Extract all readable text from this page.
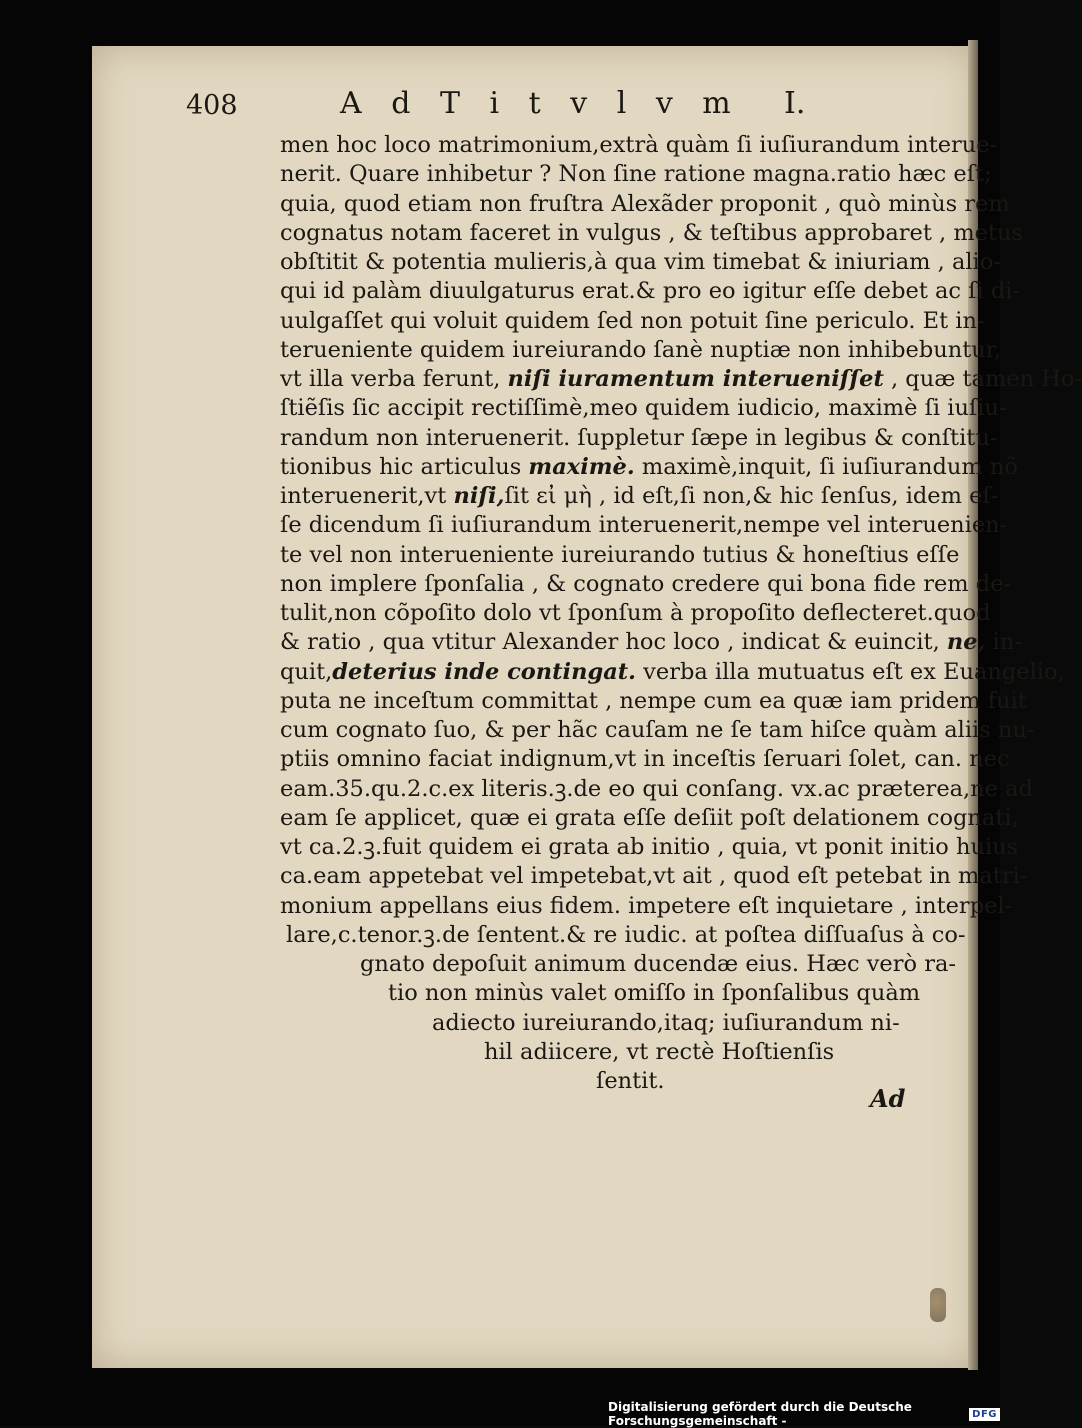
408	A d T i t v l v m I.
men hoc loco matrimonium,extrà quàm ſi iuſiurandum interue-
nerit. Quare inhibetur ? Non ſine ratione magna.ratio hæc eſt;
quia, quod etiam non fruſtra Alexãder proponit , quò minùs rem
cognatus notam faceret in vulgus , & teſtibus approbaret , metus
obſtitit & potentia mulieris,à qua vim timebat & iniuriam , alio-
qui id palàm diuulgaturus erat.& pro eo igitur eſſe debet ac ſi di-
uulgaſſet qui voluit quidem ſed non potuit ſine periculo. Et in-
terueniente quidem iureiurando ſanè nuptiæ non inhibebuntur,
vt illa verba ferunt, niſi iuramentum interueniſſet , quæ tamen Ho-
ſtiẽſis ſic accipit rectiſſimè,meo quidem iudicio, maximè ſi iuſiu-
randum non interuenerit. ſuppletur ſæpe in legibus & conſtitu-
tionibus hic articulus maximè. maximè,inquit, ſi iuſiurandum nõ
interuenerit,vt niſi,ſit εἰ μὴ , id eſt,ſi non,& hic ſenſus, idem eſ-
ſe dicendum ſi iuſiurandum interuenerit,nempe vel interuenien-
te vel non interueniente iureiurando tutius & honeſtius eſſe
non implere ſponſalia , & cognato credere qui bona fide rem de-
tulit,non cõpoſito dolo vt ſponſum à propoſito deflecteret.quod
& ratio , qua vtitur Alexander hoc loco , indicat & euincit, ne, in-
quit,deterius inde contingat. verba illa mutuatus eſt ex Euangelio,
puta ne inceſtum committat , nempe cum ea quæ iam pridem fuit
cum cognato ſuo, & per hãc cauſam ne ſe tam hiſce quàm aliis nu-
ptiis omnino faciat indignum,vt in inceſtis ſeruari ſolet, can. nec
eam.35.qu.2.c.ex literis.ꝫ.de eo qui conſang. vx.ac præterea,ne ad
eam ſe applicet, quæ ei grata eſſe deſiit poſt delationem cognati,
vt ca.2.ꝫ.fuit quidem ei grata ab initio , quia, vt ponit initio huius
ca.eam appetebat vel impetebat,vt ait , quod eſt petebat in matri-
monium appellans eius fidem. impetere eſt inquietare , interpel-
lare,c.tenor.ꝫ.de ſentent.& re iudic. at poſtea diſſuaſus à co-
gnato depoſuit animum ducendæ eius. Hæc verò ra-
tio non minùs valet omiſſo in ſponſalibus quàm
adiecto iureiurando,itaq; iuſiurandum ni-
hil adiicere, vt rectè Hoſtienſis
ſentit.
Ad
Digitalisierung gefördert durch die Deutsche Forschungsgemeinschaft -	DFG
